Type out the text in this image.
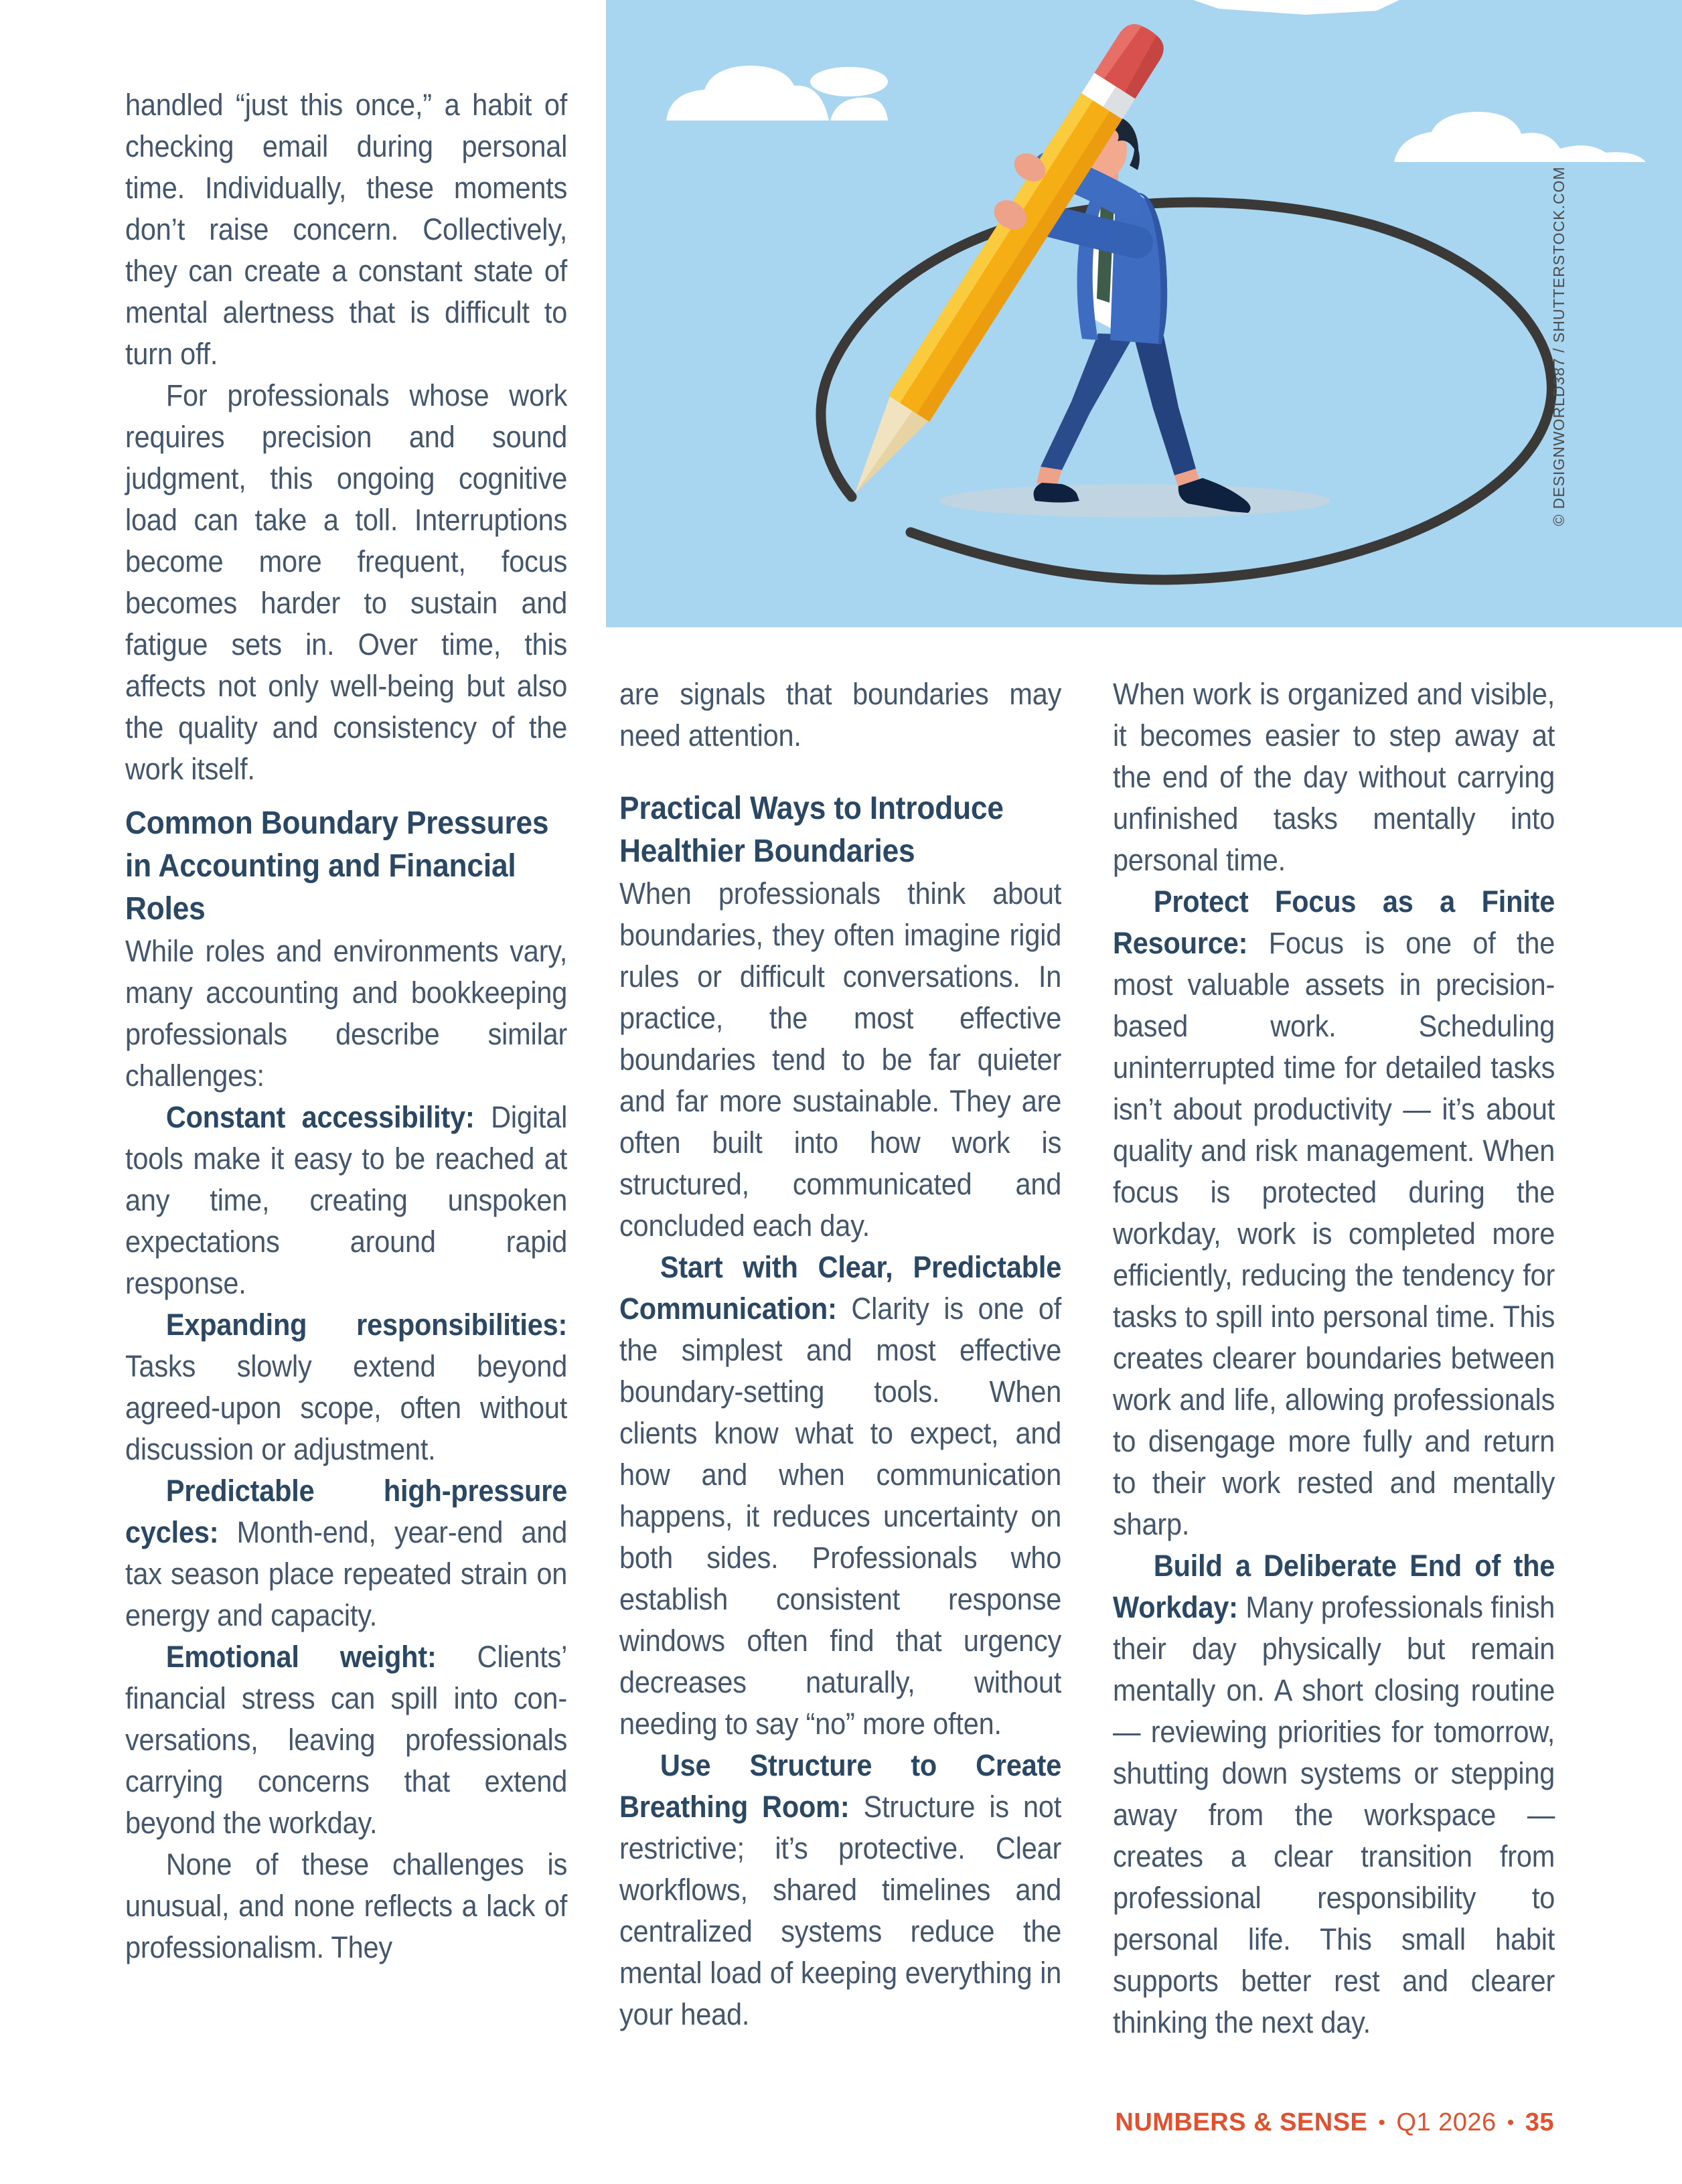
© DESIGNWORLD387 / SHUTTERSTOCK.COM

handled “just this once,” a habit of checking email during personal time. Individually, these moments don’t raise concern. Collectively, they can create a constant state of mental alertness that is difficult to turn off.

For professionals whose work requires precision and sound judgment, this ongoing cognitive load can take a toll. Interruptions become more frequent, focus becomes harder to sustain and fatigue sets in. Over time, this affects not only well-being but also the quality and consistency of the work itself.

Common Boundary Pressures in Accounting and Financial Roles

While roles and environments vary, many accounting and bookkeeping professionals describe similar challenges:

Constant accessibility: Digital tools make it easy to be reached at any time, creating unspoken expectations around rapid response.

Expanding responsibilities: Tasks slowly extend beyond agreed-upon scope, often without discussion or adjustment.

Predictable high-pressure cycles: Month-end, year-end and tax season place repeated strain on energy and capacity.

Emotional weight: Clients’ financial stress can spill into conversations, leaving professionals carrying concerns that extend beyond the workday.

None of these challenges is unusual, and none reflects a lack of professionalism. They

are signals that boundaries may need attention.

Practical Ways to Introduce Healthier Boundaries

When professionals think about boundaries, they often imagine rigid rules or difficult conversations. In practice, the most effective boundaries tend to be far quieter and far more sustainable. They are often built into how work is structured, communicated and concluded each day.

Start with Clear, Predictable Communication: Clarity is one of the simplest and most effective boundary-setting tools. When clients know what to expect, and how and when communication happens, it reduces uncertainty on both sides. Professionals who establish consistent response windows often find that urgency decreases naturally, without needing to say “no” more often.

Use Structure to Create Breathing Room: Structure is not restrictive; it’s protective. Clear workflows, shared timelines and centralized systems reduce the mental load of keeping everything in your head.

When work is organized and visible, it becomes easier to step away at the end of the day without carrying unfinished tasks mentally into personal time.

Protect Focus as a Finite Resource: Focus is one of the most valuable assets in precision-based work. Scheduling uninterrupted time for detailed tasks isn’t about productivity — it’s about quality and risk management. When focus is protected during the workday, work is completed more efficiently, reducing the tendency for tasks to spill into personal time. This creates clearer boundaries between work and life, allowing professionals to disengage more fully and return to their work rested and mentally sharp.

Build a Deliberate End of the Workday: Many professionals finish their day physically but remain mentally on. A short closing routine — reviewing priorities for tomorrow, shutting down systems or stepping away from the workspace — creates a clear transition from professional responsibility to personal life. This small habit supports better rest and clearer thinking the next day.

NUMBERS & SENSE • Q1 2026 • 35
